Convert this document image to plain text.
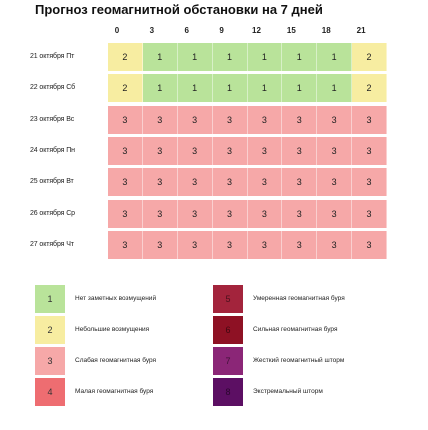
Прогноз геомагнитной обстановки на 7 дней
0	3	6	9	12	15	18	21
21 октября Пт	2	1	1	1	1	1	1	2
22 октября Сб	2	1	1	1	1	1	1	2
23 октября Вс	3	3	3	3	3	3	3	3
24 октября Пн	3	3	3	3	3	3	3	3
25 октября Вт	3	3	3	3	3	3	3	3
26 октября Ср	3	3	3	3	3	3	3	3
27 октября Чт	3	3	3	3	3	3	3	3
1	Нет заметных возмущений
2	Небольшие возмущения
3	Слабая геомагнитная буря
4	Малая геомагнитная буря
5	Умеренная геомагнитная буря
6	Сильная геомагнитная буря
7	Жесткий геомагнитный шторм
8	Экстремальный шторм
